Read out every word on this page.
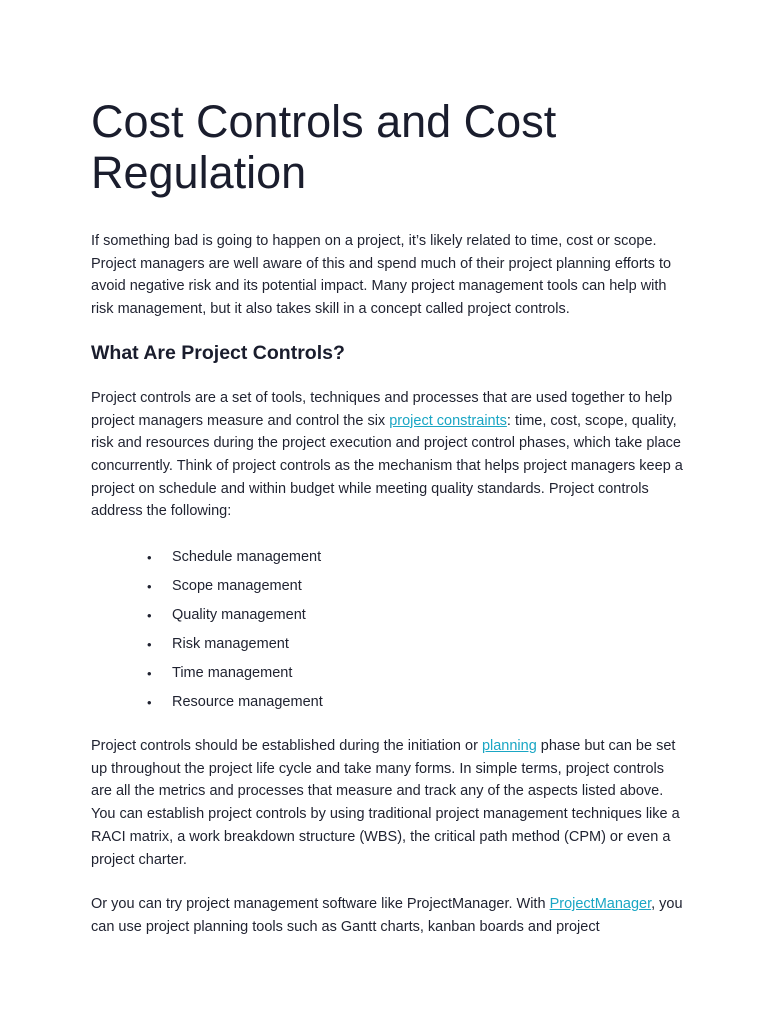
Cost Controls and Cost Regulation

If something bad is going to happen on a project, it’s likely related to time, cost or scope. Project managers are well aware of this and spend much of their project planning efforts to avoid negative risk and its potential impact. Many project management tools can help with risk management, but it also takes skill in a concept called project controls.

What Are Project Controls?

Project controls are a set of tools, techniques and processes that are used together to help project managers measure and control the six project constraints: time, cost, scope, quality, risk and resources during the project execution and project control phases, which take place concurrently. Think of project controls as the mechanism that helps project managers keep a project on schedule and within budget while meeting quality standards. Project controls address the following:

• Schedule management
• Scope management
• Quality management
• Risk management
• Time management
• Resource management

Project controls should be established during the initiation or planning phase but can be set up throughout the project life cycle and take many forms. In simple terms, project controls are all the metrics and processes that measure and track any of the aspects listed above. You can establish project controls by using traditional project management techniques like a RACI matrix, a work breakdown structure (WBS), the critical path method (CPM) or even a project charter.

Or you can try project management software like ProjectManager. With ProjectManager, you can use project planning tools such as Gantt charts, kanban boards and project
